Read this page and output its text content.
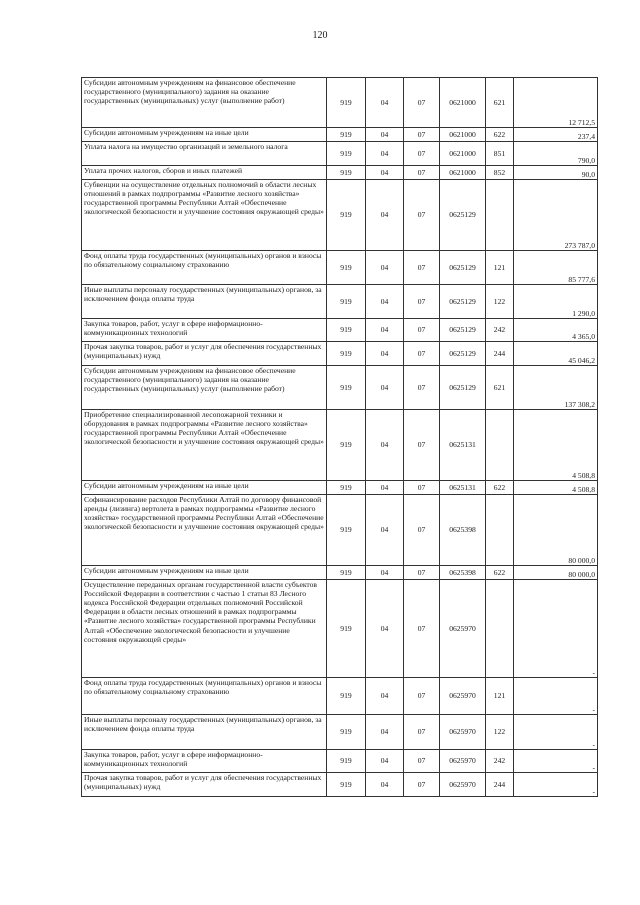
120
Субсидии автономным учреждениям на финансовое обеспечение государственного (муниципального) задания на оказание государственных (муниципальных) услуг (выполнение работ)	919	04	07	0621000	621	12 712,5
Субсидии автономным учреждениям на иные цели	919	04	07	0621000	622	237,4
Уплата налога на имущество организаций и земельного налога	919	04	07	0621000	851	790,0
Уплата прочих налогов, сборов и иных платежей	919	04	07	0621000	852	90,0
Субвенции на осуществление отдельных полномочий в области лесных отношений в рамках подпрограммы «Развитие лесного хозяйства» государственной программы Республики Алтай «Обеспечение экологической безопасности и улучшение состояния окружающей среды»	919	04	07	0625129		273 787,0
Фонд оплаты труда государственных (муниципальных) органов и взносы по обязательному социальному страхованию	919	04	07	0625129	121	85 777,6
Иные выплаты персоналу государственных (муниципальных) органов, за исключением фонда оплаты труда	919	04	07	0625129	122	1 290,0
Закупка товаров, работ, услуг в сфере информационно-коммуникационных технологий	919	04	07	0625129	242	4 365,0
Прочая закупка товаров, работ и услуг для обеспечения государственных (муниципальных) нужд	919	04	07	0625129	244	45 046,2
Субсидии автономным учреждениям на финансовое обеспечение государственного (муниципального) задания на оказание государственных (муниципальных) услуг (выполнение работ)	919	04	07	0625129	621	137 308,2
Приобретение специализированной лесопожарной техники и оборудования в рамках подпрограммы «Развитие лесного хозяйства» государственной программы Республики Алтай «Обеспечение экологической безопасности и улучшение состояния окружающей среды»	919	04	07	0625131		4 508,8
Субсидии автономным учреждениям на иные цели	919	04	07	0625131	622	4 508,8
Софинансирование расходов Республики Алтай по договору финансовой аренды (лизинга) вертолета в рамках подпрограммы «Развитие лесного хозяйства» государственной программы Республики Алтай «Обеспечение экологической безопасности и улучшение состояния окружающей среды»	919	04	07	0625398		80 000,0
Субсидии автономным учреждениям на иные цели	919	04	07	0625398	622	80 000,0
Осуществление переданных органам государственной власти субъектов Российской Федерации в соответствии с частью 1 статьи 83 Лесного кодекса Российской Федерации отдельных полномочий Российской Федерации в области лесных отношений в рамках подпрограммы «Развитие лесного хозяйства» государственной программы Республики Алтай «Обеспечение экологической безопасности и улучшение состояния окружающей среды»	919	04	07	0625970		-
Фонд оплаты труда государственных (муниципальных) органов и взносы по обязательному социальному страхованию	919	04	07	0625970	121	-
Иные выплаты персоналу государственных (муниципальных) органов, за исключением фонда оплаты труда	919	04	07	0625970	122	-
Закупка товаров, работ, услуг в сфере информационно-коммуникационных технологий	919	04	07	0625970	242	-
Прочая закупка товаров, работ и услуг для обеспечения государственных (муниципальных) нужд	919	04	07	0625970	244	-
